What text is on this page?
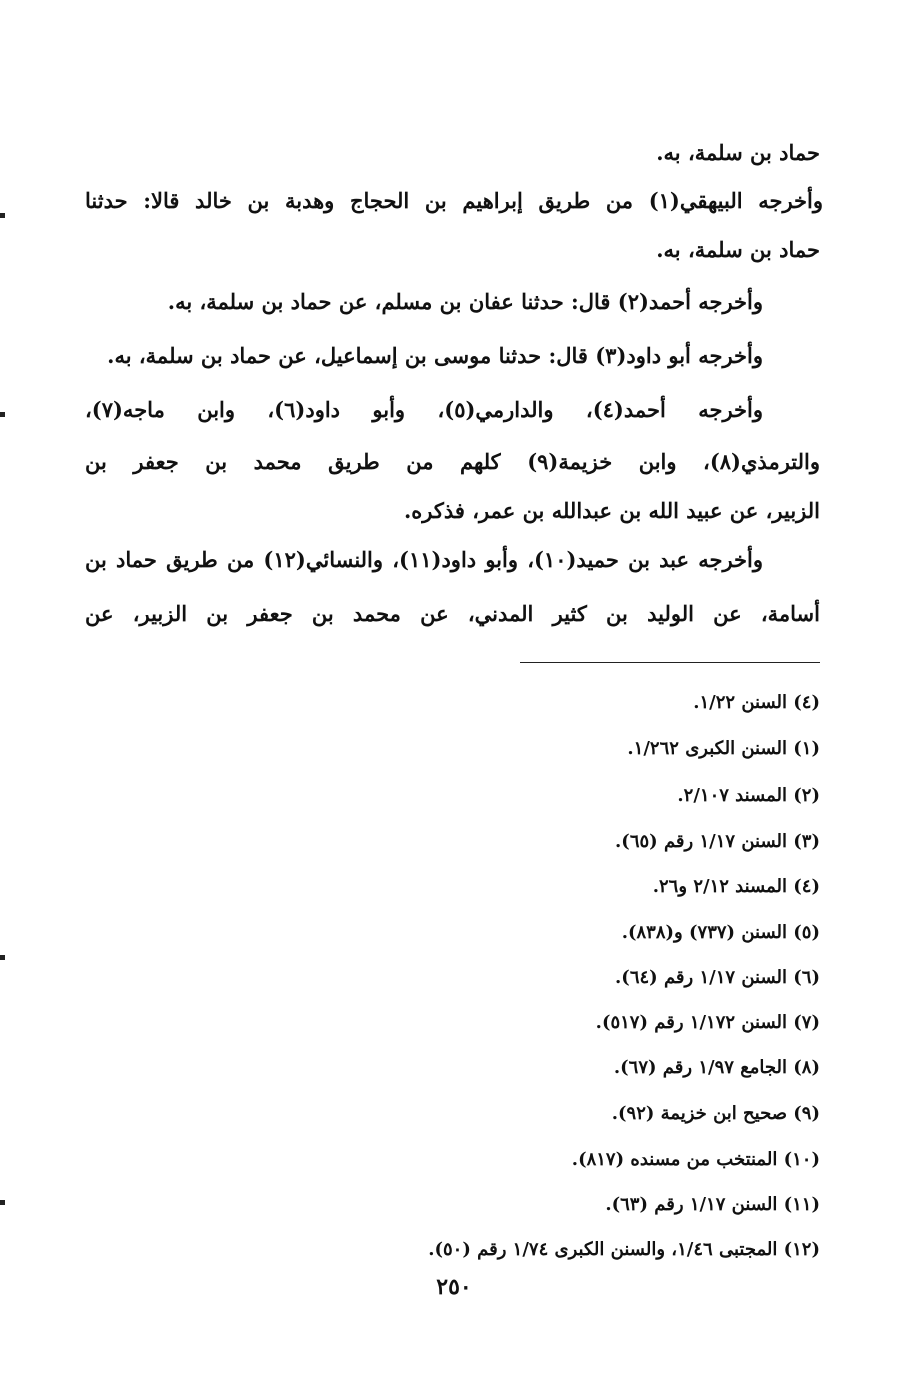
حماد بن سلمة، به.
وأخرجه البيهقي(١) من طريق إبراهيم بن الحجاج وهدبة بن خالد قالا: حدثنا
حماد بن سلمة، به.
وأخرجه أحمد(٢) قال: حدثنا عفان بن مسلم، عن حماد بن سلمة، به.
وأخرجه أبو داود(٣) قال: حدثنا موسى بن إسماعيل، عن حماد بن سلمة، به.
وأخرجه أحمد(٤)، والدارمي(٥)، وأبو داود(٦)، وابن ماجه(٧)،
والترمذي(٨)، وابن خزيمة(٩) كلهم من طريق محمد بن جعفر بن
الزبير، عن عبيد الله بن عبدالله بن عمر، فذكره.
وأخرجه عبد بن حميد(١٠)، وأبو داود(١١)، والنسائي(١٢) من طريق حماد بن
أسامة، عن الوليد بن كثير المدني، عن محمد بن جعفر بن الزبير، عن
(٤) السنن ١/٢٢.
(١) السنن الكبرى ١/٢٦٢.
(٢) المسند ٢/١٠٧.
(٣) السنن ١/١٧ رقم (٦٥).
(٤) المسند ٢/١٢ و٢٦.
(٥) السنن (٧٣٧) و(٨٣٨).
(٦) السنن ١/١٧ رقم (٦٤).
(٧) السنن ١/١٧٢ رقم (٥١٧).
(٨) الجامع ١/٩٧ رقم (٦٧).
(٩) صحيح ابن خزيمة (٩٢).
(١٠) المنتخب من مسنده (٨١٧).
(١١) السنن ١/١٧ رقم (٦٣).
(١٢) المجتبى ١/٤٦، والسنن الكبرى ١/٧٤ رقم (٥٠).
٢٥٠
